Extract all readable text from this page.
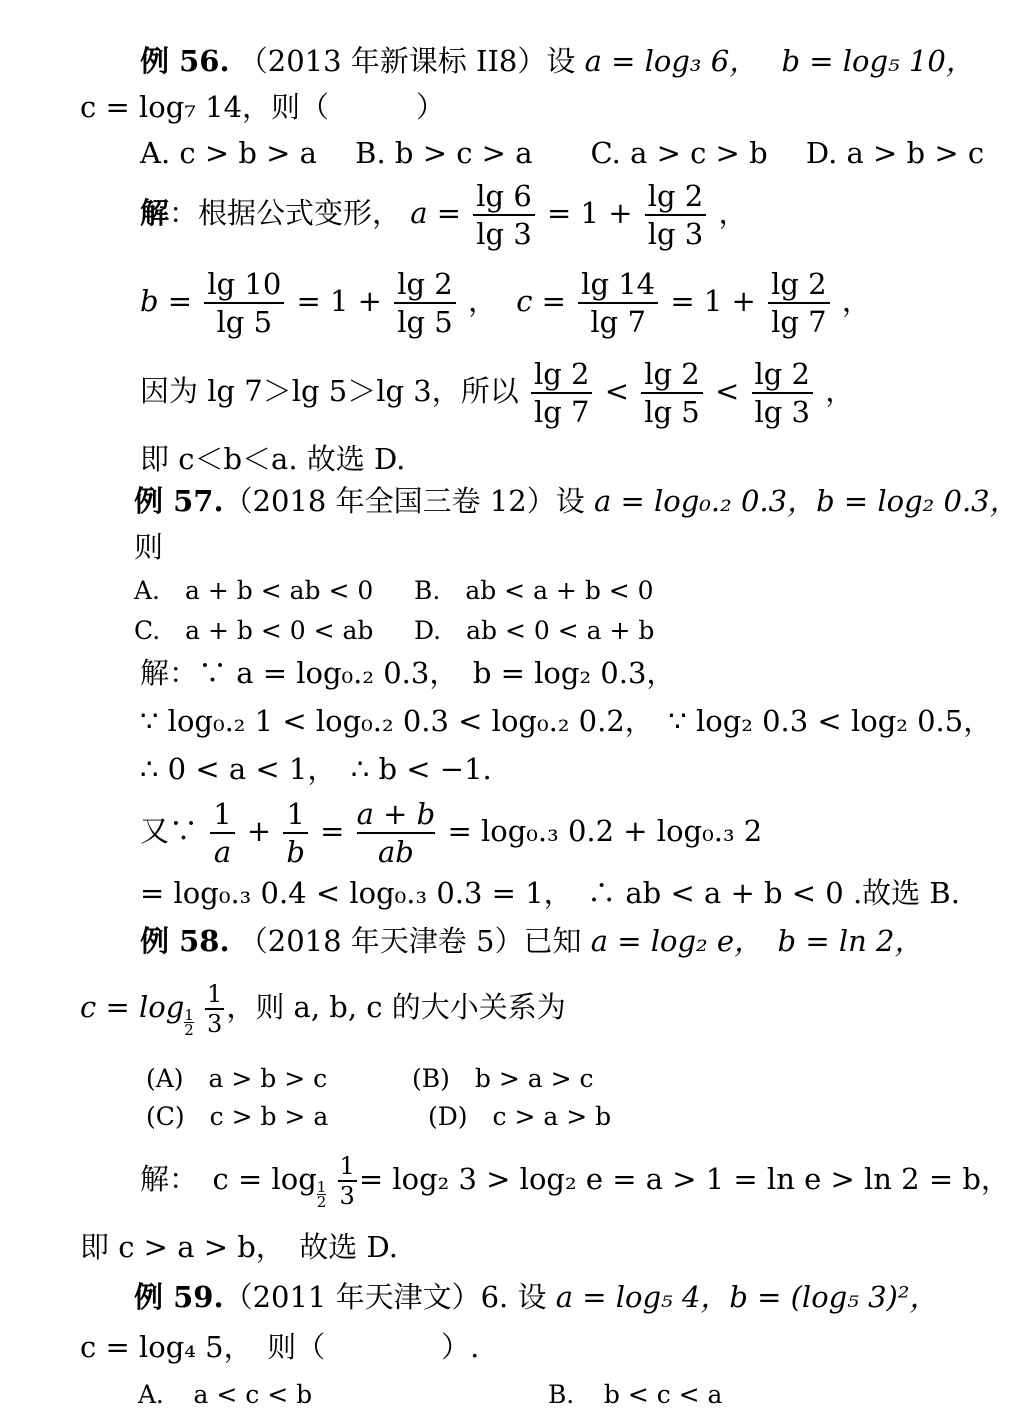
例 56. （2013 年新课标 II8）设 a = log₃ 6， b = log₅ 10，
c = log₇ 14，则（　　　）
A. c > b > a　 B. b > c > a　　C. a > c > b　 D. a > b > c
解：根据公式变形， $a = \frac{\lg 6}{\lg 3} = 1 + \frac{\lg 2}{\lg 3}$ ，
$b = \frac{\lg 10}{\lg 5} = 1 + \frac{\lg 2}{\lg 5}$ ， $c = \frac{\lg 14}{\lg 7} = 1 + \frac{\lg 2}{\lg 7}$ ，
因为 lg 7＞lg 5＞lg 3，所以 $\frac{\lg 2}{\lg 7} < \frac{\lg 2}{\lg 5} < \frac{\lg 2}{\lg 3}$ ，
即 c＜b＜a. 故选 D.
例 57.（2018 年全国三卷 12）设 a = log₀.₂ 0.3，b = log₂ 0.3，
则
A.　a + b < ab < 0 B.　ab < a + b < 0
C.　a + b < 0 < ab D.　ab < 0 < a + b
解：∵ a = log₀.₂ 0.3，　b = log₂ 0.3，
∵ log₀.₂ 1 < log₀.₂ 0.3 < log₀.₂ 0.2，　∵ log₂ 0.3 < log₂ 0.5，
∴ 0 < a < 1，　∴ b < −1.
又∵ $\frac{1}{a} + \frac{1}{b} = \frac{a + b}{ab} = \log_0._3$ 0.2 + log₀.₃ 2
= log₀.₃ 0.4 < log₀.₃ 0.3 = 1，　∴ ab < a + b < 0 .故选 B.
例 58. （2018 年天津卷 5）已知 a = log₂ e，　b = ln 2，
$c = \log \frac{1}{2}$
$\frac{1}{3}$ ，则 a, b, c 的大小关系为
(A)　a > b > c	(B)　b > a > c
(C)　c > b > a	(D)　c > a > b
解：　$c = \log \frac{1}{2}$
$\frac{1}{3} = \log_2$ 3 > log₂ e = a > 1 = ln e > ln 2 = b，
即 c > a > b，　故选 D.
例 59.（2011 年天津文）6. 设 a = log₅ 4，b = (log₅ 3)²，
c = log₄ 5，　则（　　　　）.
A．　a < c < b	B．　b < c < a
